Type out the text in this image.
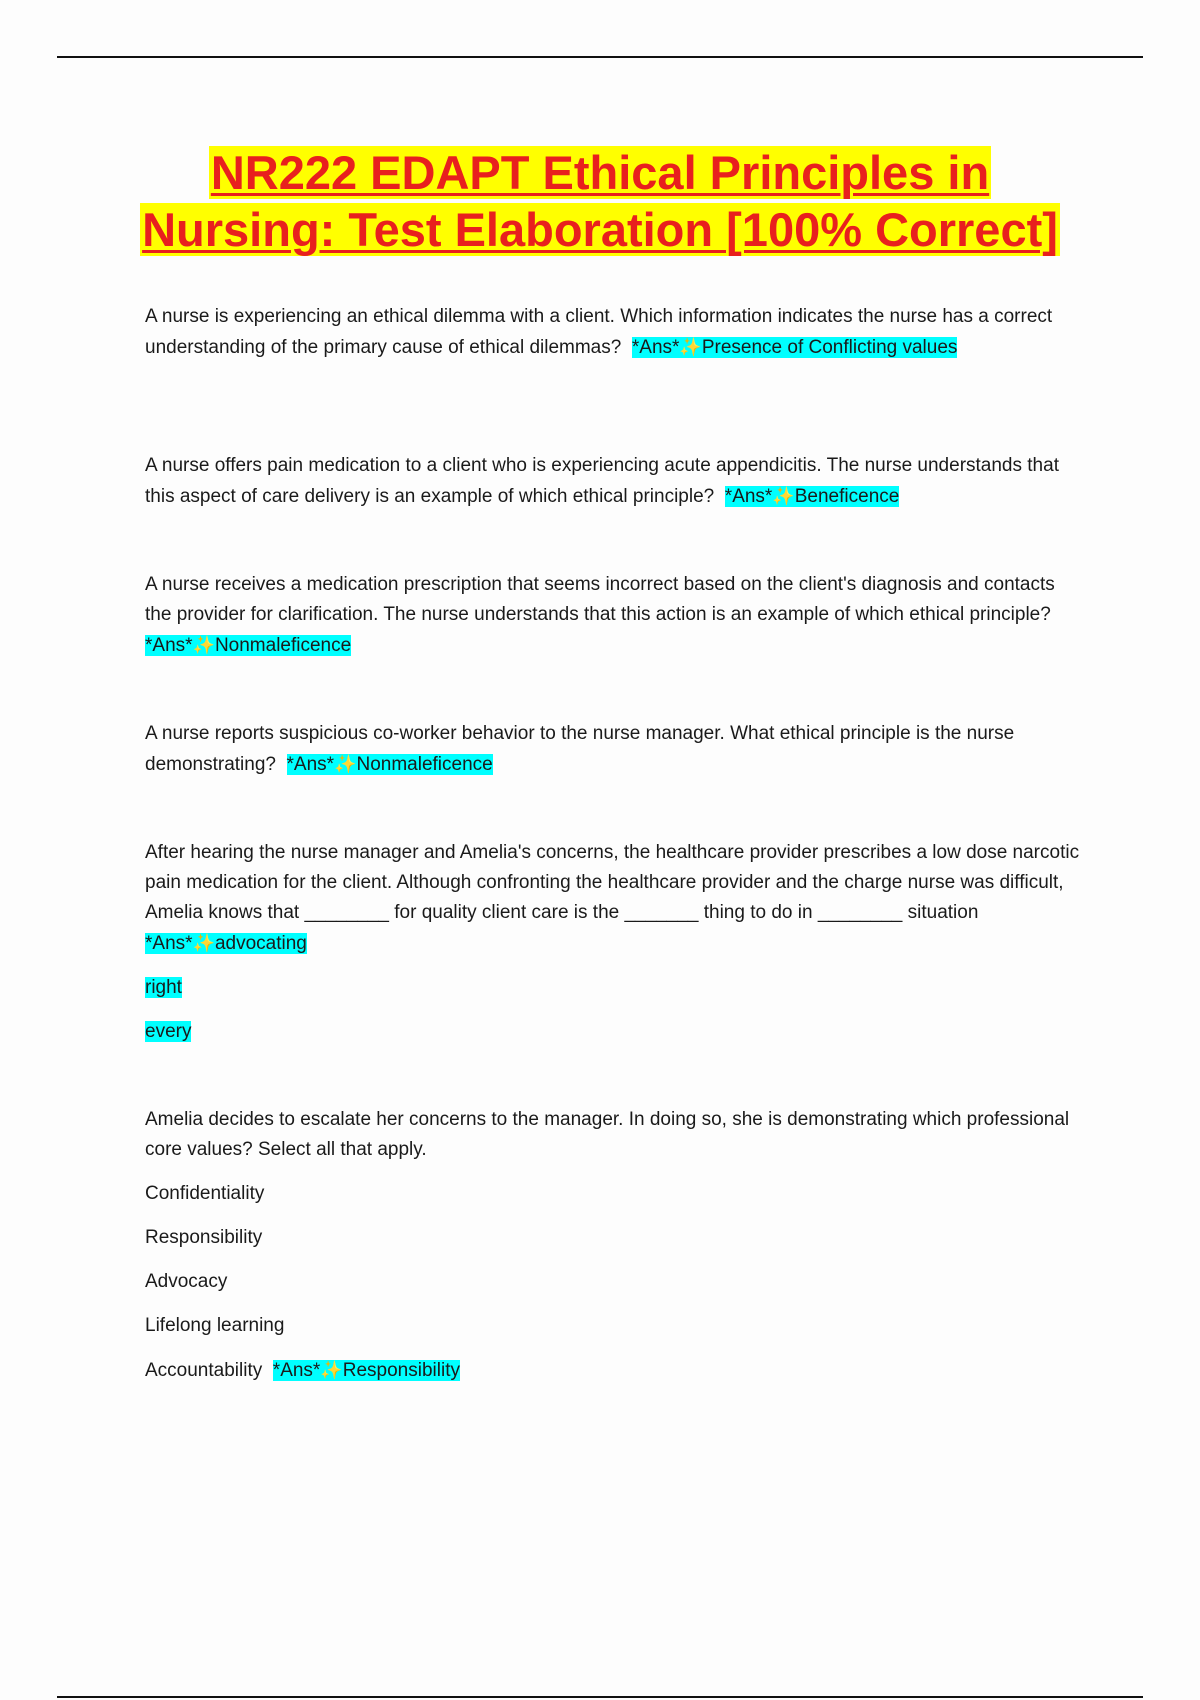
NR222 EDAPT Ethical Principles in
Nursing: Test Elaboration [100% Correct]

A nurse is experiencing an ethical dilemma with a client. Which information indicates the nurse has a correct understanding of the primary cause of ethical dilemmas? *Ans*✨Presence of Conflicting values

A nurse offers pain medication to a client who is experiencing acute appendicitis. The nurse understands that this aspect of care delivery is an example of which ethical principle? *Ans*✨Beneficence

A nurse receives a medication prescription that seems incorrect based on the client's diagnosis and contacts the provider for clarification. The nurse understands that this action is an example of which ethical principle?  *Ans*✨Nonmaleficence

A nurse reports suspicious co-worker behavior to the nurse manager. What ethical principle is the nurse demonstrating? *Ans*✨Nonmaleficence

After hearing the nurse manager and Amelia's concerns, the healthcare provider prescribes a low dose narcotic pain medication for the client. Although confronting the healthcare provider and the charge nurse was difficult, Amelia knows that ________ for quality client care is the _______ thing to do in ________ situation  *Ans*✨advocating

right

every

Amelia decides to escalate her concerns to the manager. In doing so, she is demonstrating which professional core values? Select all that apply.

Confidentiality

Responsibility

Advocacy

Lifelong learning

Accountability *Ans*✨Responsibility
